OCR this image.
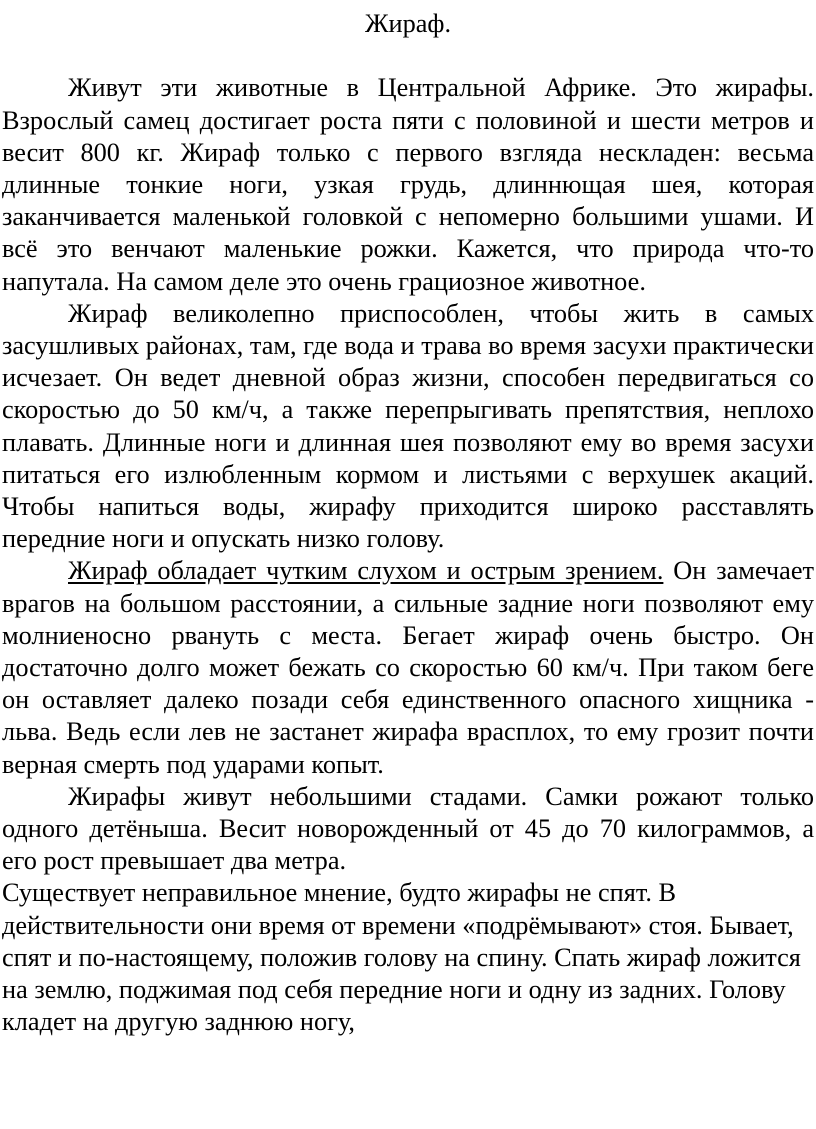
Жираф.

Живут эти животные в Центральной Африке. Это жирафы. Взрослый самец достигает роста пяти с половиной и шести метров и весит 800 кг. Жираф только с первого взгляда нескладен: весьма длинные тонкие ноги, узкая грудь, длиннющая шея, которая заканчивается маленькой головкой с непомерно большими ушами. И всё это венчают маленькие рожки. Кажется, что природа что-то напутала. На самом деле это очень грациозное животное.

Жираф великолепно приспособлен, чтобы жить в самых засушливых районах, там, где вода и трава во время засухи практически исчезает. Он ведет дневной образ жизни, способен передвигаться со скоростью до 50 км/ч, а также перепрыгивать препятствия, неплохо плавать. Длинные ноги и длинная шея позволяют ему во время засухи питаться его излюбленным кормом и листьями с верхушек акаций. Чтобы напиться воды, жирафу приходится широко расставлять передние ноги и опускать низко голову.

Жираф обладает чутким слухом и острым зрением. Он замечает врагов на большом расстоянии, а сильные задние ноги позволяют ему молниеносно рвануть с места. Бегает жираф очень быстро. Он достаточно долго может бежать со скоростью 60 км/ч. При таком беге он оставляет далеко позади себя единственного опасного хищника - льва. Ведь если лев не застанет жирафа врасплох, то ему грозит почти верная смерть под ударами копыт.

Жирафы живут небольшими стадами. Самки рожают только одного детёныша. Весит новорожденный от 45 до 70 килограммов, а его рост превышает два метра.

Существует неправильное мнение, будто жирафы не спят. В действительности они время от времени «подрёмывают» стоя. Бывает, спят и по-настоящему, положив голову на спину. Спать жираф ложится на землю, поджимая под себя передние ноги и одну из задних. Голову кладет на другую заднюю ногу,
